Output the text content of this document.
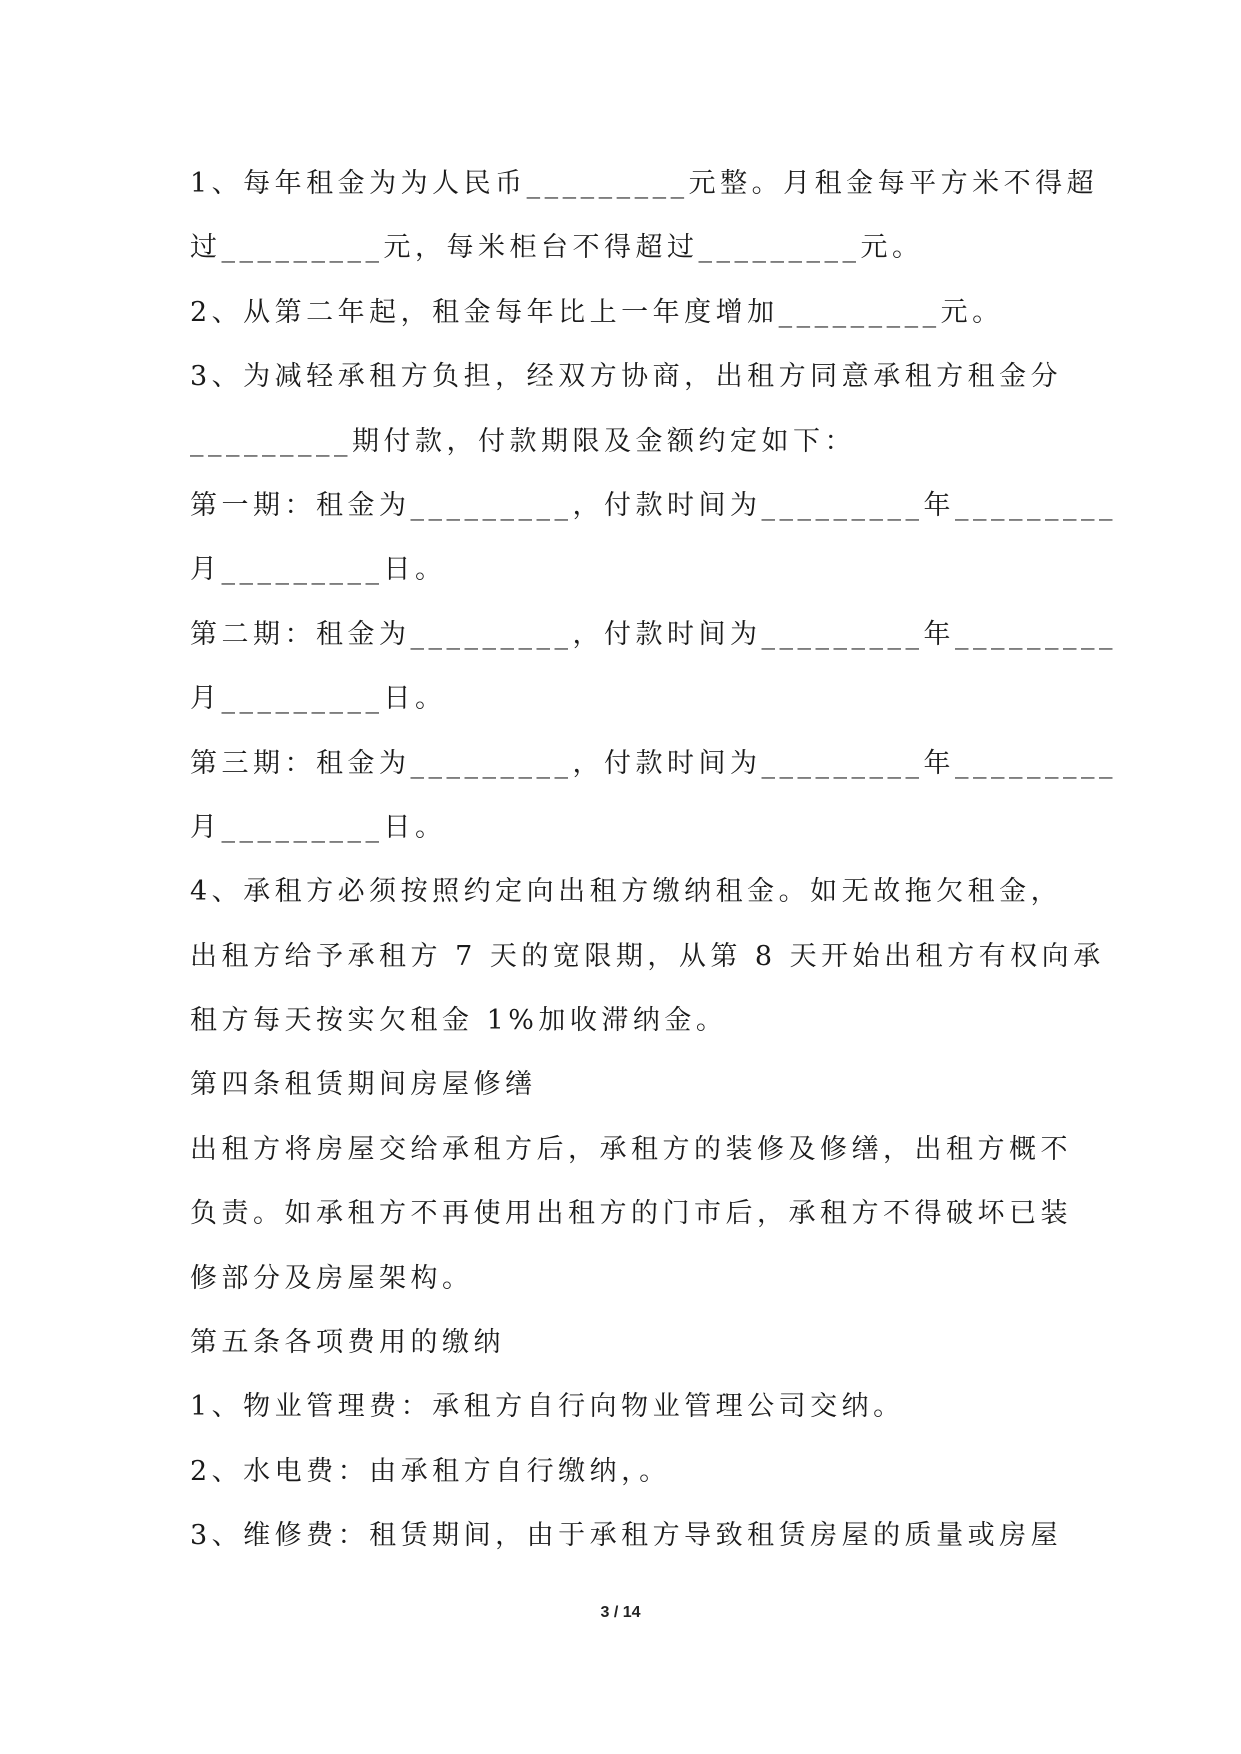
1、每年租金为为人民币_________元整。月租金每平方米不得超
过_________元，每米柜台不得超过_________元。
2、从第二年起，租金每年比上一年度增加_________元。
3、为减轻承租方负担，经双方协商，出租方同意承租方租金分
_________期付款，付款期限及金额约定如下：
第一期：租金为_________，付款时间为_________年_________
月_________日。
第二期：租金为_________，付款时间为_________年_________
月_________日。
第三期：租金为_________，付款时间为_________年_________
月_________日。
4、承租方必须按照约定向出租方缴纳租金。如无故拖欠租金，
出租方给予承租方 7 天的宽限期，从第 8 天开始出租方有权向承
租方每天按实欠租金 1%加收滞纳金。
第四条租赁期间房屋修缮
出租方将房屋交给承租方后，承租方的装修及修缮，出租方概不
负责。如承租方不再使用出租方的门市后，承租方不得破坏已装
修部分及房屋架构。
第五条各项费用的缴纳
1、物业管理费：承租方自行向物业管理公司交纳。
2、水电费：由承租方自行缴纳，。
3、维修费：租赁期间，由于承租方导致租赁房屋的质量或房屋
3 / 14
